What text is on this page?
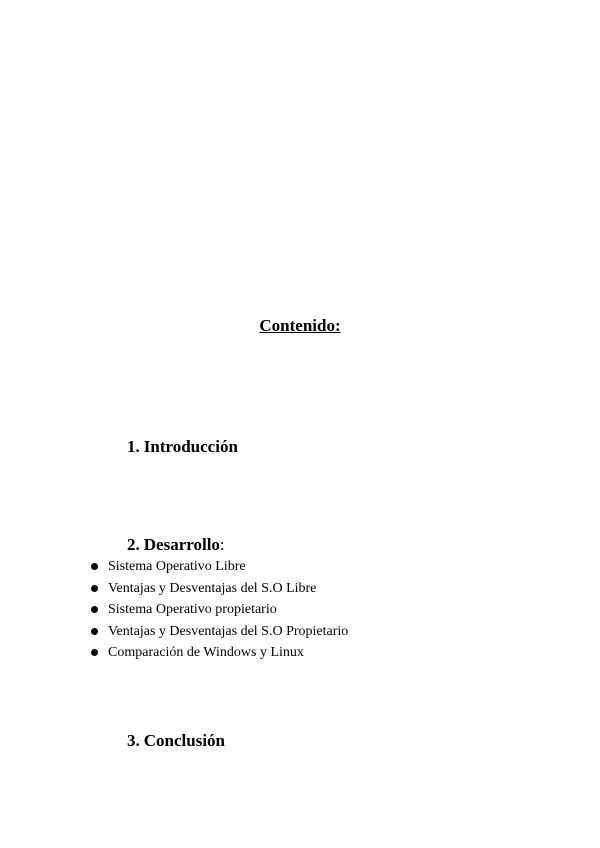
Contenido:
1. Introducción
2. Desarrollo:
Sistema Operativo Libre
Ventajas y Desventajas del S.O Libre
Sistema Operativo propietario
Ventajas y Desventajas del S.O Propietario
Comparación de Windows y Linux
3. Conclusión
